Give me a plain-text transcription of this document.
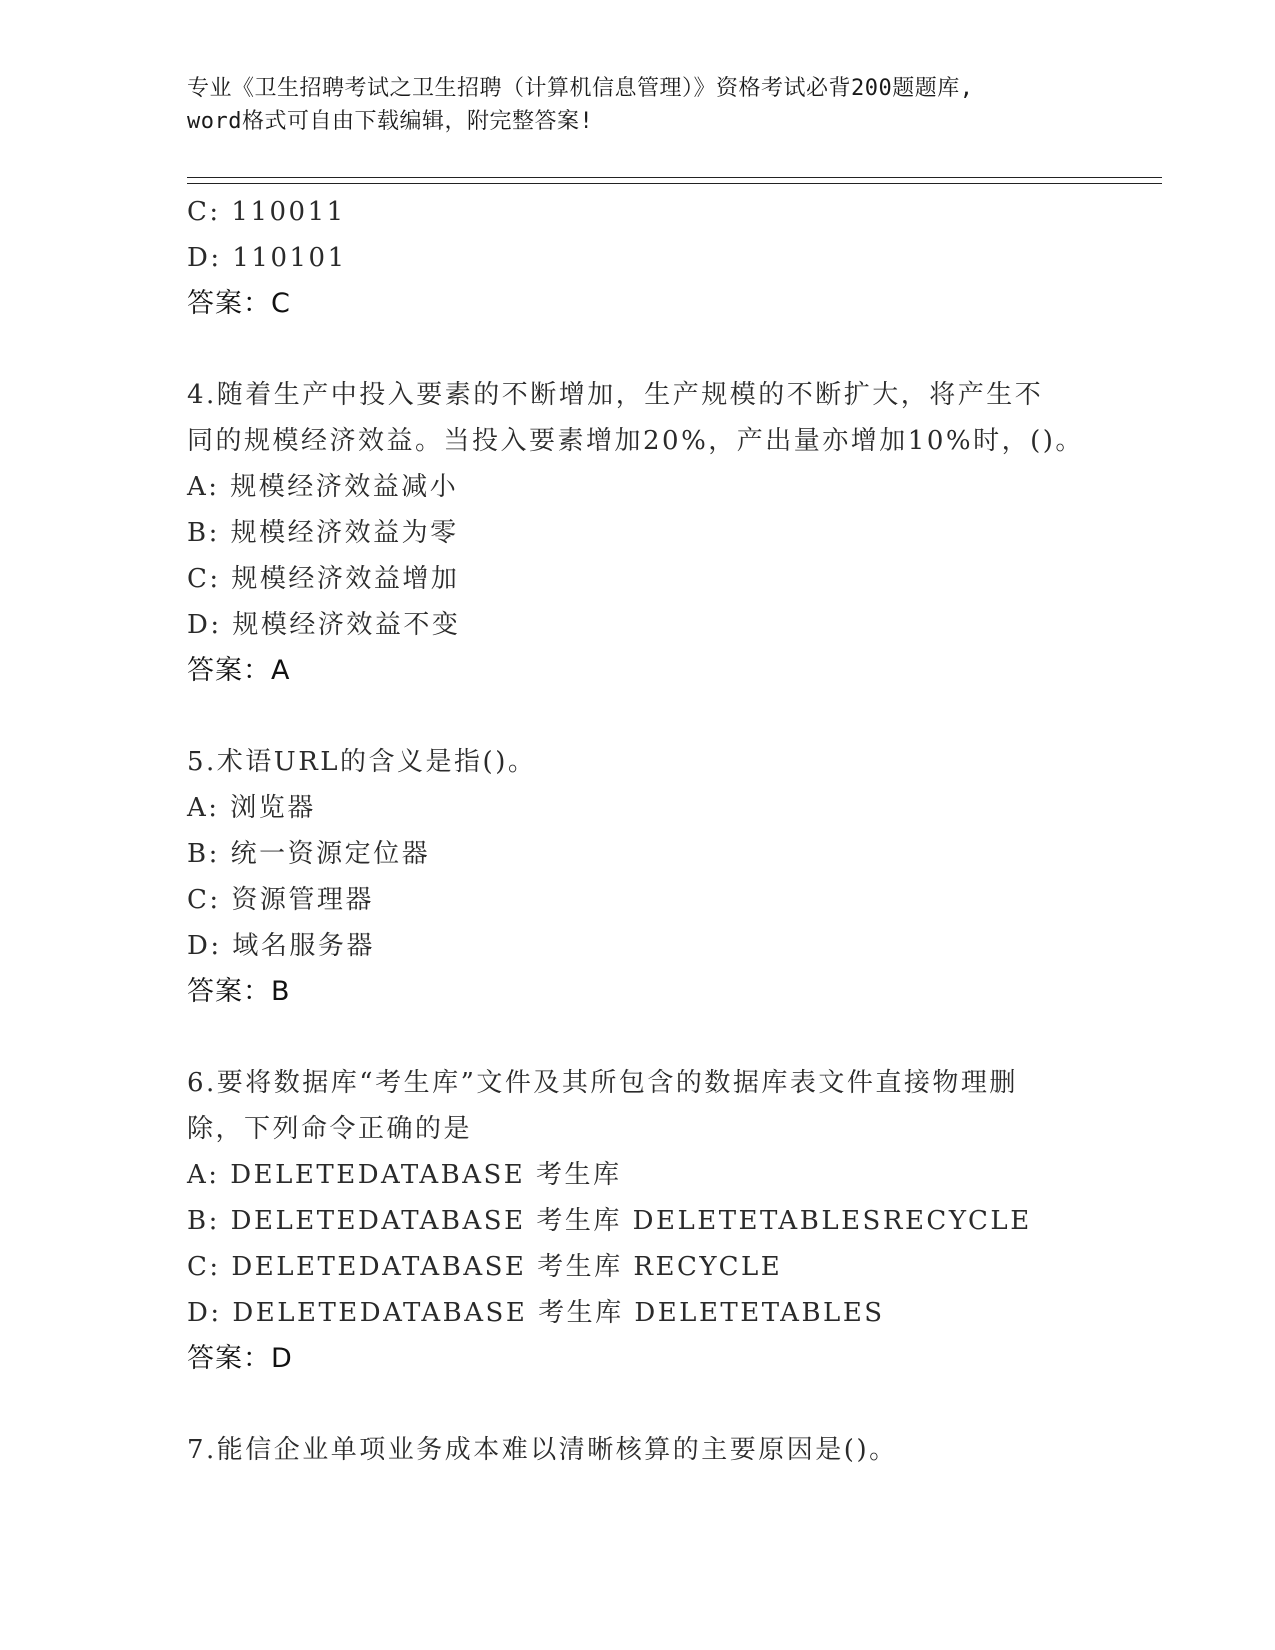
专业《卫生招聘考试之卫生招聘（计算机信息管理）》资格考试必背200题题库,
word格式可自由下载编辑，附完整答案!
C: 110011
D: 110101
答案：C
4.随着生产中投入要素的不断增加，生产规模的不断扩大，将产生不
同的规模经济效益。当投入要素增加20%，产出量亦增加10%时，()。
A: 规模经济效益减小
B: 规模经济效益为零
C: 规模经济效益增加
D: 规模经济效益不变
答案：A
5.术语URL的含义是指()。
A: 浏览器
B: 统一资源定位器
C: 资源管理器
D: 域名服务器
答案：B
6.要将数据库“考生库”文件及其所包含的数据库表文件直接物理删
除，下列命令正确的是
A: DELETEDATABASE 考生库
B: DELETEDATABASE 考生库 DELETETABLESRECYCLE
C: DELETEDATABASE 考生库 RECYCLE
D: DELETEDATABASE 考生库 DELETETABLES
答案：D
7.能信企业单项业务成本难以清晰核算的主要原因是()。
